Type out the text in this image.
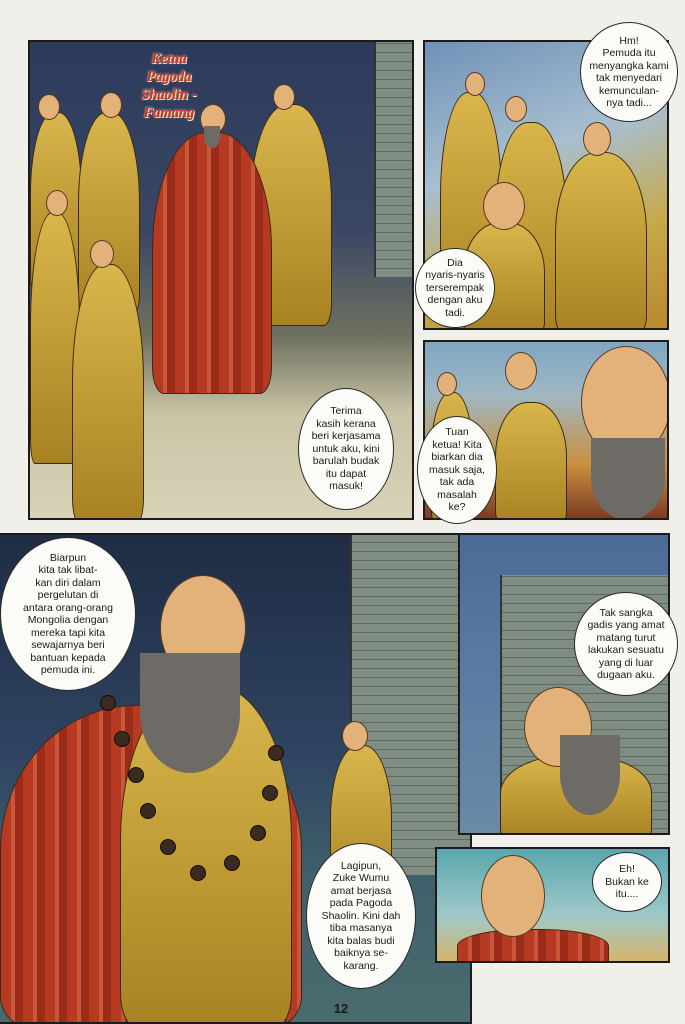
Ketua
Pagoda
Shaolin -
Famang
Terima
kasih kerana
beri kerjasama
untuk aku, kini
barulah budak
itu dapat
masuk!
Hm!
Pemuda itu
menyangka kami
tak menyedari
kemunculan-
nya tadi...
Dia
nyaris-nyaris
terserempak
dengan aku
tadi.
Tuan
ketua! Kita
biarkan dia
masuk saja,
tak ada
masalah
ke?
Biarpun
kita tak libat-
kan diri dalam
pergelutan di
antara orang-orang
Mongolia dengan
mereka tapi kita
sewajarnya beri
bantuan kepada
pemuda ini.
Lagipun,
Zuke Wumu
amat berjasa
pada Pagoda
Shaolin. Kini dah
tiba masanya
kita balas budi
baiknya se-
karang.
Tak sangka
gadis yang amat
matang turut
lakukan sesuatu
yang di luar
dugaan aku.
Eh!
Bukan ke
itu....
12
